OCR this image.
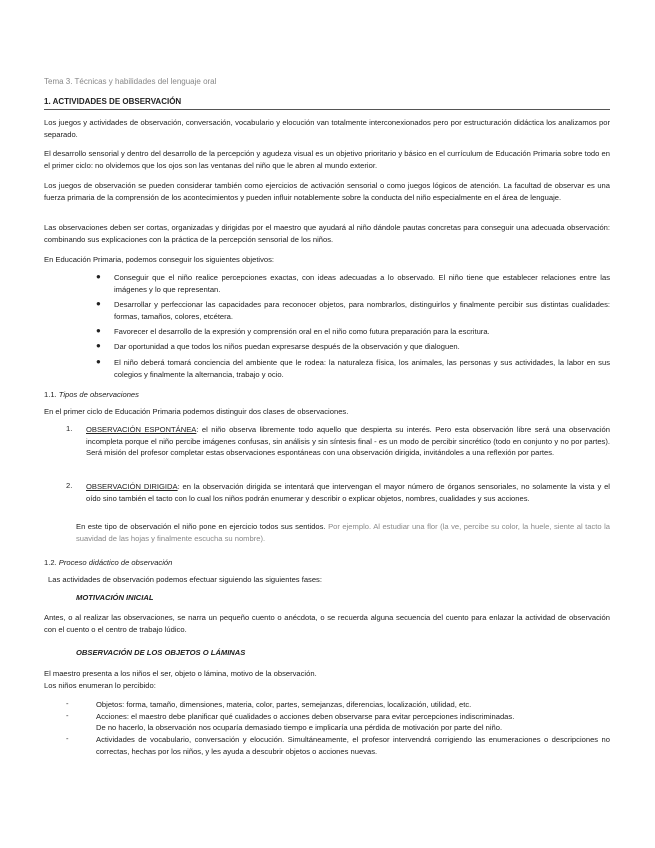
Tema 3. Técnicas y habilidades del lenguaje oral
1. ACTIVIDADES DE OBSERVACIÓN

Los juegos y actividades de observación, conversación, vocabulario y elocución van totalmente interconexionados pero por estructuración didáctica los analizamos por separado.

El desarrollo sensorial y dentro del desarrollo de la percepción y agudeza visual es un objetivo prioritario y básico en el currículum de Educación Primaria sobre todo en el primer ciclo: no olvidemos que los ojos son las ventanas del niño que le abren al mundo exterior.

Los juegos de observación se pueden considerar también como ejercicios de activación sensorial o como juegos lógicos de atención. La facultad de observar es una fuerza primaria de la comprensión de los acontecimientos y pueden influir notablemente sobre la conducta del niño especialmente en el área de lenguaje.

Las observaciones deben ser cortas, organizadas y dirigidas por el maestro que ayudará al niño dándole pautas concretas para conseguir una adecuada observación: combinando sus explicaciones con la práctica de la percepción sensorial de los niños.

En Educación Primaria, podemos conseguir los siguientes objetivos:

● Conseguir que el niño realice percepciones exactas, con ideas adecuadas a lo observado. El niño tiene que establecer relaciones entre las imágenes y lo que representan.

● Desarrollar y perfeccionar las capacidades para reconocer objetos, para nombrarlos, distinguirlos y finalmente percibir sus distintas cualidades: formas, tamaños, colores, etcétera.

● Favorecer el desarrollo de la expresión y comprensión oral en el niño como futura preparación para la escritura.

● Dar oportunidad a que todos los niños puedan expresarse después de la observación y que dialoguen.

● El niño deberá tomará conciencia del ambiente que le rodea: la naturaleza física, los animales, las personas y sus actividades, la labor en sus colegios y finalmente la alternancia, trabajo y ocio.

1.1. Tipos de observaciones

En el primer ciclo de Educación Primaria podemos distinguir dos clases de observaciones.

1. OBSERVACIÓN ESPONTÁNEA: el niño observa libremente todo aquello que despierta su interés. Pero esta observación libre será una observación incompleta porque el niño percibe imágenes confusas, sin análisis y sin síntesis final - es un modo de percibir sincrético (todo en conjunto y no por partes). Será misión del profesor completar estas observaciones espontáneas con una observación dirigida, invitándoles a una reflexión por partes.

2. OBSERVACIÓN DIRIGIDA: en la observación dirigida se intentará que intervengan el mayor número de órganos sensoriales, no solamente la vista y el oído sino también el tacto con lo cual los niños podrán enumerar y describir o explicar objetos, nombres, cualidades y sus acciones.

En este tipo de observación el niño pone en ejercicio todos sus sentidos. Por ejemplo. Al estudiar una flor (la ve, percibe su color, la huele, siente al tacto la suavidad de las hojas y finalmente escucha su nombre).

1.2. Proceso didáctico de observación

Las actividades de observación podemos efectuar siguiendo las siguientes fases:

MOTIVACIÓN INICIAL

Antes, o al realizar las observaciones, se narra un pequeño cuento o anécdota, o se recuerda alguna secuencia del cuento para enlazar la actividad de observación con el cuento o el centro de trabajo lúdico.

OBSERVACIÓN DE LOS OBJETOS O LÁMINAS

El maestro presenta a los niños el ser, objeto o lámina, motivo de la observación.

Los niños enumeran lo percibido:

-	Objetos: forma, tamaño, dimensiones, materia, color, partes, semejanzas, diferencias, localización, utilidad, etc.

-	Acciones: el maestro debe planificar qué cualidades o acciones deben observarse para evitar percepciones indiscriminadas.

De no hacerlo, la observación nos ocuparía demasiado tiempo e implicaría una pérdida de motivación por parte del niño.

-	Actividades de vocabulario, conversación y elocución. Simultáneamente, el profesor intervendrá corrigiendo las enumeraciones o descripciones no correctas, hechas por los niños, y les ayuda a descubrir objetos o acciones nuevas.
